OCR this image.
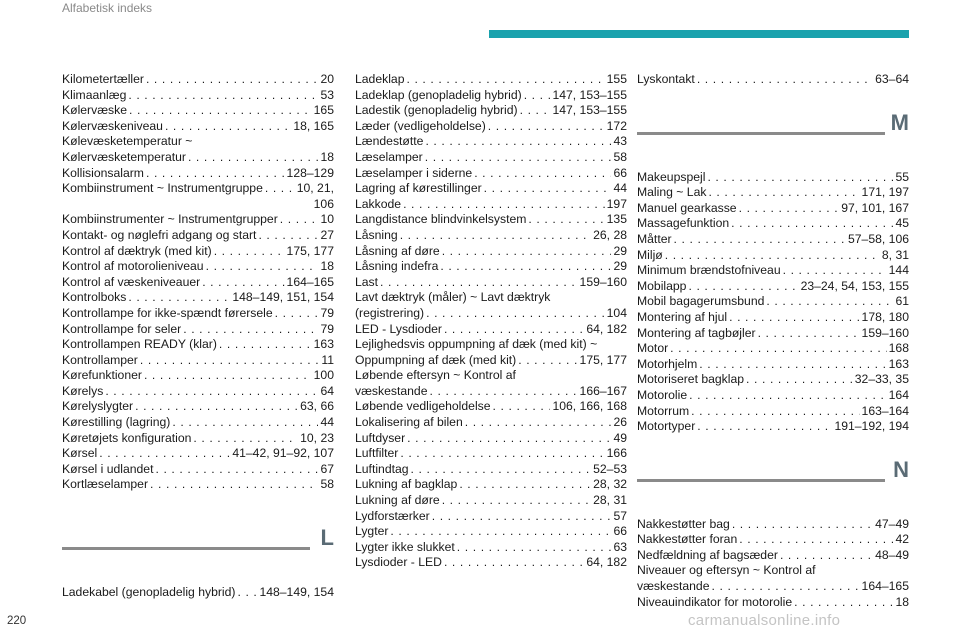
Alfabetisk indeks
Kilometertæller . . .	20
Klimaanlæg . . .	53
Kølervæske . . .	165
Kølervæskeniveau . . .	18, 165
Kølevæsketemperatur ~
Kølervæsketemperatur . . .	18
Kollisionsalarm . . .	128–129
Kombiinstrument ~ Instrumentgruppe . . .	10, 21,
106
Kombiinstrumenter ~ Instrumentgrupper . . .	10
Kontakt- og nøglefri adgang og start . . .	27
Kontrol af dæktryk (med kit) . . .	175, 177
Kontrol af motorolieniveau . . .	18
Kontrol af væskeniveauer . . .	164–165
Kontrolboks . . .	148–149, 151, 154
Kontrollampe for ikke-spændt førersele . . .	79
Kontrollampe for seler . . .	79
Kontrollampen READY (klar) . . .	163
Kontrollamper . . .	11
Kørefunktioner . . .	100
Kørelys . . .	64
Kørelyslygter . . .	63, 66
Kørestilling (lagring) . . .	44
Køretøjets konfiguration . . .	10, 23
Kørsel . . .	41–42, 91–92, 107
Kørsel i udlandet . . .	67
Kortlæselamper . . .	58
L
Ladekabel (genopladelig hybrid) . . . 148–149, 154
Ladeklap . . .	155
Ladeklap (genopladelig hybrid) . . .	147, 153–155
Ladestik (genopladelig hybrid) . . .	147, 153–155
Læder (vedligeholdelse) . . .	172
Lændestøtte . . .	43
Læselamper . . .	58
Læselamper i siderne . . .	66
Lagring af kørestillinger . . .	44
Lakkode . . .	197
Langdistance blindvinkelsystem . . .	135
Låsning . . .	26, 28
Låsning af døre . . .	29
Låsning indefra . . .	29
Last . . .	159–160
Lavt dæktryk (måler) ~ Lavt dæktryk
(registrering) . . .	104
LED - Lysdioder . . .	64, 182
Lejlighedsvis oppumpning af dæk (med kit) ~
Oppumpning af dæk (med kit) . . .	175, 177
Løbende eftersyn ~ Kontrol af
væskestande . . .	166–167
Løbende vedligeholdelse . . .	106, 166, 168
Lokalisering af bilen . . .	26
Luftdyser . . .	49
Luftfilter . . .	166
Luftindtag . . .	52–53
Lukning af bagklap . . .	28, 32
Lukning af døre . . .	28, 31
Lydforstærker . . .	57
Lygter . . .	66
Lygter ikke slukket . . .	63
Lysdioder - LED . . .	64, 182
Lyskontakt . . .	63–64
M
Makeupspejl . . .	55
Maling ~ Lak . . .	171, 197
Manuel gearkasse . . .	97, 101, 167
Massagefunktion . . .	45
Måtter . . .	57–58, 106
Miljø . . .	8, 31
Minimum brændstofniveau . . .	144
Mobilapp . . .	23–24, 54, 153, 155
Mobil bagagerumsbund . . .	61
Montering af hjul . . .	178, 180
Montering af tagbøjler . . .	159–160
Motor . . .	168
Motorhjelm . . .	163
Motoriseret bagklap . . .	32–33, 35
Motorolie . . .	164
Motorrum . . .	163–164
Motortyper . . .	191–192, 194
N
Nakkestøtter bag . . .	47–49
Nakkestøtter foran . . .	42
Nedfældning af bagsæder . . .	48–49
Niveauer og eftersyn ~ Kontrol af
væskestande . . .	164–165
Niveauindikator for motorolie . . .	18
220	carmanualsonline.info
